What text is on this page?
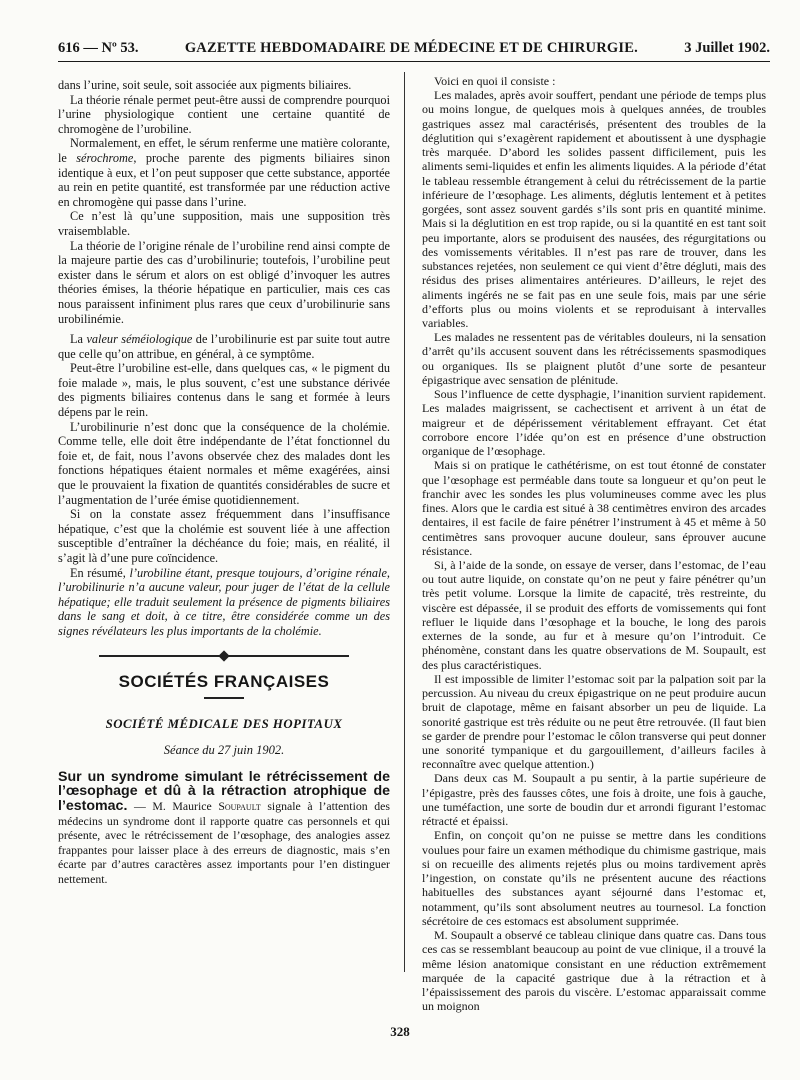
616 — Nº 53.	GAZETTE HEBDOMADAIRE DE MÉDECINE ET DE CHIRURGIE.	3 Juillet 1902.

dans l’urine, soit seule, soit associée aux pigments biliaires.

La théorie rénale permet peut-être aussi de comprendre pourquoi l’urine physiologique contient une certaine quantité de chromogène de l’urobiline.

Normalement, en effet, le sérum renferme une matière colorante, le sérochrome, proche parente des pigments biliaires sinon identique à eux, et l’on peut supposer que cette substance, apportée au rein en petite quantité, est transformée par une réduction active en chromogène qui passe dans l’urine.

Ce n’est là qu’une supposition, mais une supposition très vraisemblable.

La théorie de l’origine rénale de l’urobiline rend ainsi compte de la majeure partie des cas d’urobilinurie; toutefois, l’urobiline peut exister dans le sérum et alors on est obligé d’invoquer les autres théories émises, la théorie hépatique en particulier, mais ces cas nous paraissent infiniment plus rares que ceux d’urobilinurie sans urobilinémie.

La valeur séméiologique de l’urobilinurie est par suite tout autre que celle qu’on attribue, en général, à ce symptôme.

Peut-être l’urobiline est-elle, dans quelques cas, « le pigment du foie malade », mais, le plus souvent, c’est une substance dérivée des pigments biliaires contenus dans le sang et formée à leurs dépens par le rein.

L’urobilinurie n’est donc que la conséquence de la cholémie. Comme telle, elle doit être indépendante de l’état fonctionnel du foie et, de fait, nous l’avons observée chez des malades dont les fonctions hépatiques étaient normales et même exagérées, ainsi que le prouvaient la fixation de quantités considérables de sucre et l’augmentation de l’urée émise quotidiennement.

Si on la constate assez fréquemment dans l’insuffisance hépatique, c’est que la cholémie est souvent liée à une affection susceptible d’entraîner la déchéance du foie; mais, en réalité, il s’agit là d’une pure coïncidence.

En résumé, l’urobiline étant, presque toujours, d’origine rénale, l’urobilinurie n’a aucune valeur, pour juger de l’état de la cellule hépatique; elle traduit seulement la présence de pigments biliaires dans le sang et doit, à ce titre, être considérée comme un des signes révélateurs les plus importants de la cholémie.

SOCIÉTÉS FRANÇAISES
SOCIÉTÉ MÉDICALE DES HOPITAUX
Séance du 27 juin 1902.

Sur un syndrome simulant le rétrécissement de l’œsophage et dû à la rétraction atrophique de l’estomac. — M. Maurice Soupault signale à l’attention des médecins un syndrome dont il rapporte quatre cas personnels et qui présente, avec le rétrécissement de l’œsophage, des analogies assez frappantes pour laisser place à des erreurs de diagnostic, mais s’en écarte par d’autres caractères assez importants pour l’en distinguer nettement.

Voici en quoi il consiste :

Les malades, après avoir souffert, pendant une période de temps plus ou moins longue, de quelques mois à quelques années, de troubles gastriques assez mal caractérisés, présentent des troubles de la déglutition qui s’exagèrent rapidement et aboutissent à une dysphagie très marquée. D’abord les solides passent difficilement, puis les aliments semi-liquides et enfin les aliments liquides. A la période d’état le tableau ressemble étrangement à celui du rétrécissement de la partie inférieure de l’œsophage. Les aliments, déglutis lentement et à petites gorgées, sont assez souvent gardés s’ils sont pris en quantité minime. Mais si la déglutition en est trop rapide, ou si la quantité en est tant soit peu importante, alors se produisent des nausées, des régurgitations ou des vomissements véritables. Il n’est pas rare de trouver, dans les substances rejetées, non seulement ce qui vient d’être dégluti, mais des résidus des prises alimentaires antérieures. D’ailleurs, le rejet des aliments ingérés ne se fait pas en une seule fois, mais par une série d’efforts plus ou moins violents et se reproduisant à intervalles variables.

Les malades ne ressentent pas de véritables douleurs, ni la sensation d’arrêt qu’ils accusent souvent dans les rétrécissements spasmodiques ou organiques. Ils se plaignent plutôt d’une sorte de pesanteur épigastrique avec sensation de plénitude.

Sous l’influence de cette dysphagie, l’inanition survient rapidement. Les malades maigrissent, se cachectisent et arrivent à un état de maigreur et de dépérissement véritablement effrayant. Cet état corrobore encore l’idée qu’on est en présence d’une obstruction organique de l’œsophage.

Mais si on pratique le cathétérisme, on est tout étonné de constater que l’œsophage est perméable dans toute sa longueur et qu’on peut le franchir avec les sondes les plus volumineuses comme avec les plus fines. Alors que le cardia est situé à 38 centimètres environ des arcades dentaires, il est facile de faire pénétrer l’instrument à 45 et même à 50 centimètres sans provoquer aucune douleur, sans éprouver aucune résistance.

Si, à l’aide de la sonde, on essaye de verser, dans l’estomac, de l’eau ou tout autre liquide, on constate qu’on ne peut y faire pénétrer qu’un très petit volume. Lorsque la limite de capacité, très restreinte, du viscère est dépassée, il se produit des efforts de vomissements qui font refluer le liquide dans l’œsophage et la bouche, le long des parois externes de la sonde, au fur et à mesure qu’on l’introduit. Ce phénomène, constant dans les quatre observations de M. Soupault, est des plus caractéristiques.

Il est impossible de limiter l’estomac soit par la palpation soit par la percussion. Au niveau du creux épigastrique on ne peut produire aucun bruit de clapotage, même en faisant absorber un peu de liquide. La sonorité gastrique est très réduite ou ne peut être retrouvée. (Il faut bien se garder de prendre pour l’estomac le côlon transverse qui peut donner une sonorité tympanique et du gargouillement, d’ailleurs faciles à reconnaître avec quelque attention.)

Dans deux cas M. Soupault a pu sentir, à la partie supérieure de l’épigastre, près des fausses côtes, une fois à droite, une fois à gauche, une tuméfaction, une sorte de boudin dur et arrondi figurant l’estomac rétracté et épaissi.

Enfin, on conçoit qu’on ne puisse se mettre dans les conditions voulues pour faire un examen méthodique du chimisme gastrique, mais si on recueille des aliments rejetés plus ou moins tardivement après l’ingestion, on constate qu’ils ne présentent aucune des réactions habituelles des substances ayant séjourné dans l’estomac et, notamment, qu’ils sont absolument neutres au tournesol. La fonction sécrétoire de ces estomacs est absolument supprimée.

M. Soupault a observé ce tableau clinique dans quatre cas. Dans tous ces cas se ressemblant beaucoup au point de vue clinique, il a trouvé la même lésion anatomique consistant en une réduction extrêmement marquée de la capacité gastrique due à la rétraction et à l’épaississement des parois du viscère. L’estomac apparaissait comme un moignon

328
